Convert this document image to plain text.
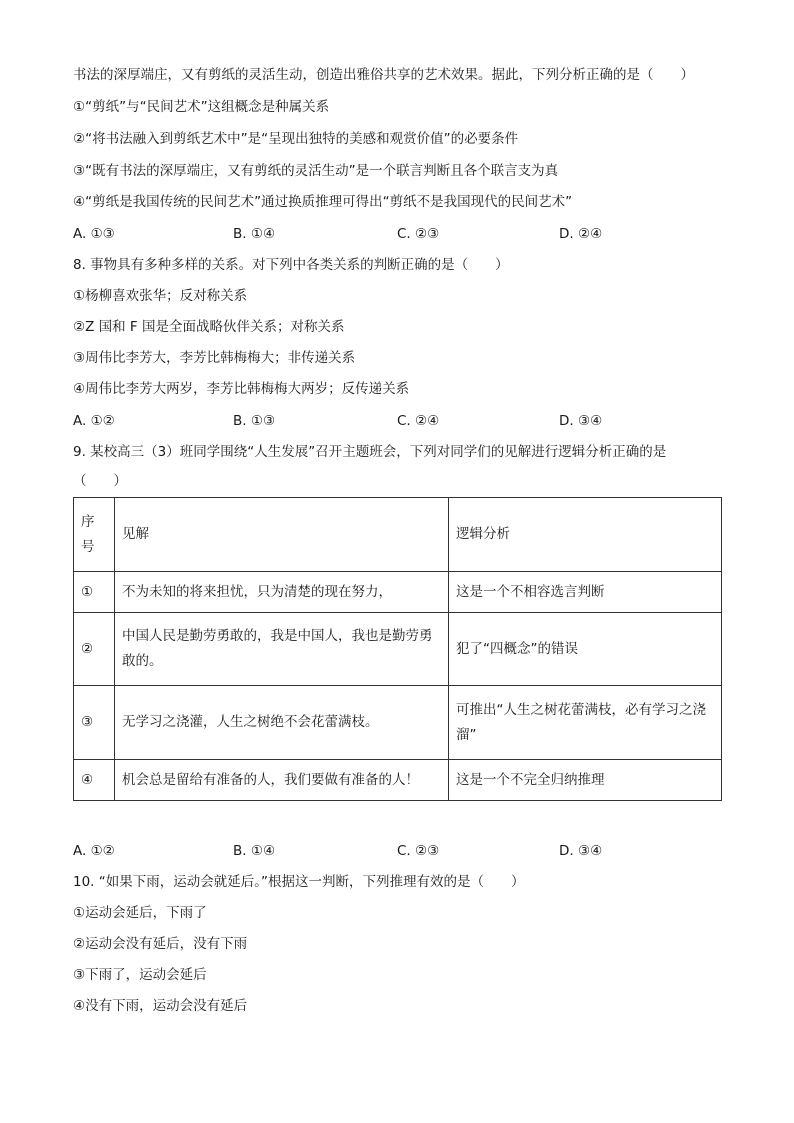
书法的深厚端庄，又有剪纸的灵活生动，创造出雅俗共享的艺术效果。据此，下列分析正确的是（　　）
①“剪纸”与“民间艺术”这组概念是种属关系
②“将书法融入到剪纸艺术中”是“呈现出独特的美感和观赏价值”的必要条件
③“既有书法的深厚端庄，又有剪纸的灵活生动”是一个联言判断且各个联言支为真
④“剪纸是我国传统的民间艺术”通过换质推理可得出“剪纸不是我国现代的民间艺术”
A. ①③	B. ①④	C. ②③	D. ②④
8. 事物具有多种多样的关系。对下列中各类关系的判断正确的是（　　）
①杨柳喜欢张华；反对称关系
②Z 国和 F 国是全面战略伙伴关系；对称关系
③周伟比李芳大，李芳比韩梅梅大；非传递关系
④周伟比李芳大两岁，李芳比韩梅梅大两岁；反传递关系
A. ①②	B. ①③	C. ②④	D. ③④
9. 某校高三（3）班同学围绕“人生发展”召开主题班会，下列对同学们的见解进行逻辑分析正确的是
（　　）
序号	见解	逻辑分析
①	不为未知的将来担忧，只为清楚的现在努力，	这是一个不相容选言判断
②	中国人民是勤劳勇敢的，我是中国人，我也是勤劳勇敢的。	犯了“四概念”的错误
③	无学习之浇灌，人生之树绝不会花蕾满枝。	可推出“人生之树花蕾满枝，必有学习之浇溜”
④	机会总是留给有准备的人，我们要做有准备的人！	这是一个不完全归纳推理
A. ①②	B. ①④	C. ②③	D. ③④
10. “如果下雨，运动会就延后。”根据这一判断，下列推理有效的是（　　）
①运动会延后，下雨了
②运动会没有延后，没有下雨
③下雨了，运动会延后
④没有下雨，运动会没有延后
